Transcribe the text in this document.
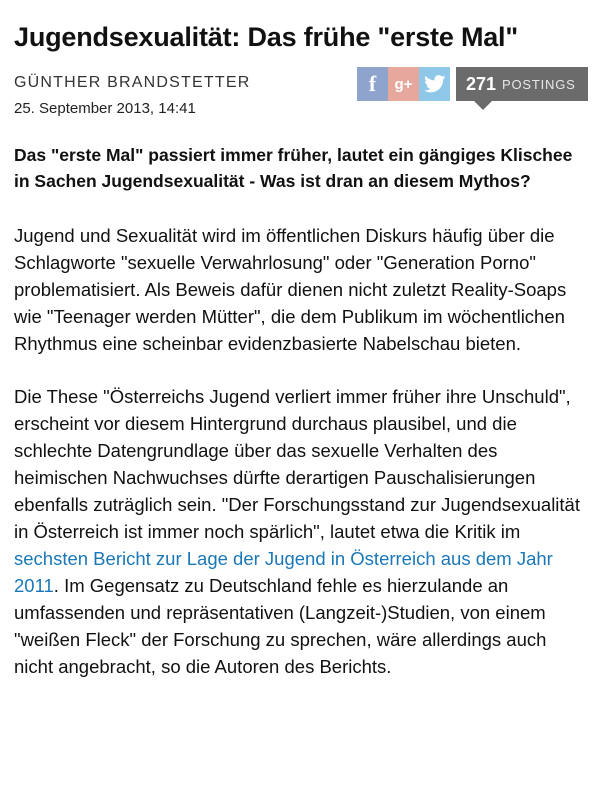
Jugendsexualität: Das frühe "erste Mal"
GÜNTHER BRANDSTETTER
25. September 2013, 14:41
f g+	271 POSTINGS

Das "erste Mal" passiert immer früher, lautet ein gängiges Klischee in Sachen Jugendsexualität - Was ist dran an diesem Mythos?

Jugend und Sexualität wird im öffentlichen Diskurs häufig über die Schlagworte "sexuelle Verwahrlosung" oder "Generation Porno" problematisiert. Als Beweis dafür dienen nicht zuletzt Reality-Soaps wie "Teenager werden Mütter", die dem Publikum im wöchentlichen Rhythmus eine scheinbar evidenzbasierte Nabelschau bieten.

Die These "Österreichs Jugend verliert immer früher ihre Unschuld", erscheint vor diesem Hintergrund durchaus plausibel, und die schlechte Datengrundlage über das sexuelle Verhalten des heimischen Nachwuchses dürfte derartigen Pauschalisierungen ebenfalls zuträglich sein. "Der Forschungsstand zur Jugendsexualität in Österreich ist immer noch spärlich", lautet etwa die Kritik im sechsten Bericht zur Lage der Jugend in Österreich aus dem Jahr 2011. Im Gegensatz zu Deutschland fehle es hierzulande an umfassenden und repräsentativen (Langzeit-)Studien, von einem "weißen Fleck" der Forschung zu sprechen, wäre allerdings auch nicht angebracht, so die Autoren des Berichts.
